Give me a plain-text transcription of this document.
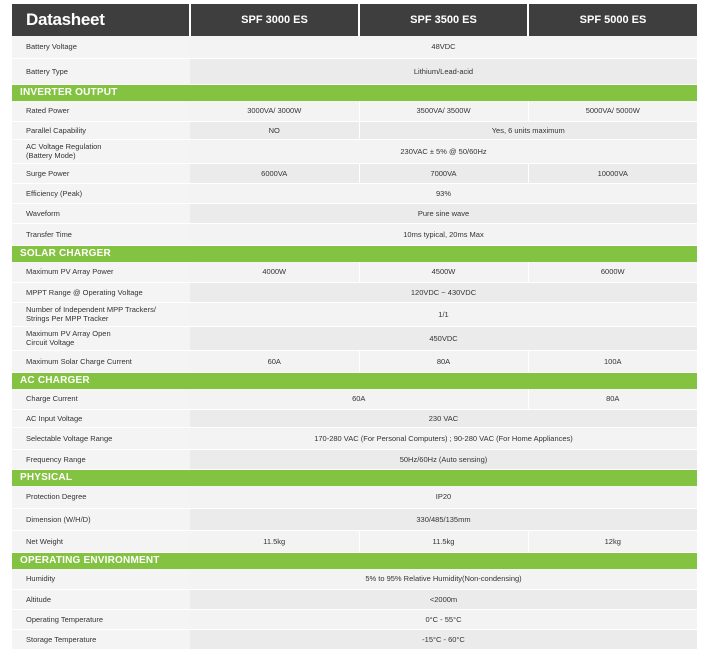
Datasheet	SPF 3000 ES	SPF 3500 ES	SPF 5000 ES
Battery Voltage	48VDC		
Battery Type	Lithium/Lead-acid		
INVERTER OUTPUT			
Rated Power	3000VA/ 3000W	3500VA/ 3500W	5000VA/ 5000W
Parallel Capability	NO	Yes, 6 units maximum	

AC Voltage Regulation
(Battery Mode)	230VAC ± 5% @ 50/60Hz		
Surge Power	6000VA	7000VA	10000VA
Efficiency (Peak)	93%		
Waveform	Pure sine wave		
Transfer Time	10ms typical, 20ms Max		
SOLAR CHARGER			
Maximum PV Array Power	4000W	4500W	6000W
MPPT Range @ Operating Voltage	120VDC ~ 430VDC		

Number of Independent MPP Trackers/
Strings Per MPP Tracker	1/1		

Maximum PV Array Open
Circuit Voltage	450VDC		
Maximum Solar Charge Current	60A	80A	100A
AC CHARGER			
Charge Current	60A		80A
AC Input Voltage	230 VAC		
Selectable Voltage Range	170-280 VAC (For Personal Computers) ; 90-280 VAC (For Home Appliances)		
Frequency Range	50Hz/60Hz (Auto sensing)		
PHYSICAL			
Protection Degree	IP20		
Dimension (W/H/D)	330/485/135mm		
Net Weight	11.5kg	11.5kg	12kg
OPERATING ENVIRONMENT			
Humidity	5% to 95% Relative Humidity(Non-condensing)		
Altitude	<2000m		
Operating Temperature	0°C - 55°C		
Storage Temperature	-15°C - 60°C		
